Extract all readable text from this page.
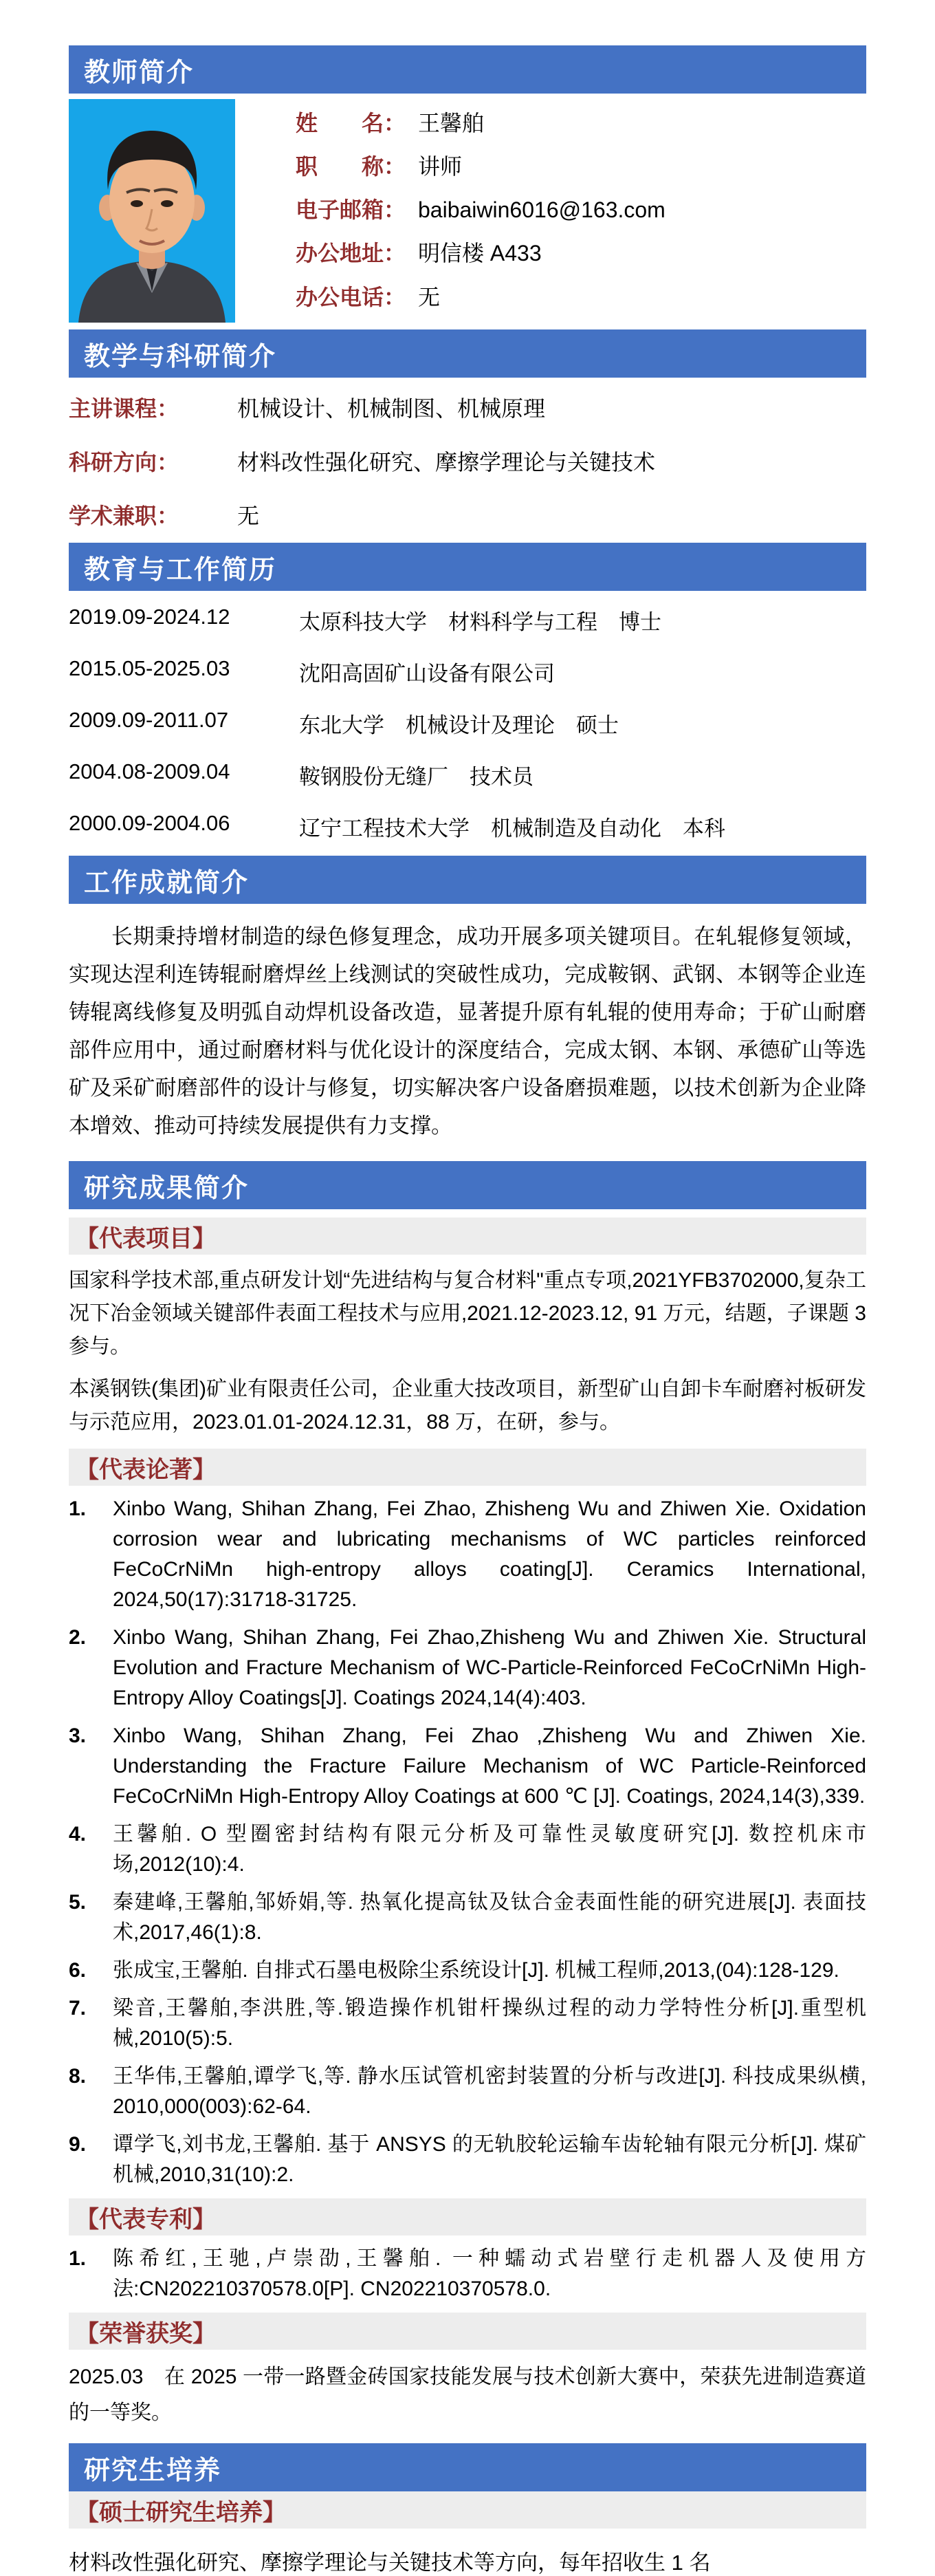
教师简介
姓　　名： 王馨舶
职　　称： 讲师
电子邮箱： baibaiwin6016@163.com
办公地址： 明信楼 A433
办公电话： 无
教学与科研简介
主讲课程：	机械设计、机械制图、机械原理
科研方向：	材料改性强化研究、摩擦学理论与关键技术
学术兼职：	无
教育与工作简历
2019.09-2024.12	太原科技大学　材料科学与工程　博士
2015.05-2025.03	沈阳高固矿山设备有限公司
2009.09-2011.07	东北大学　机械设计及理论　硕士
2004.08-2009.04	鞍钢股份无缝厂　技术员
2000.09-2004.06	辽宁工程技术大学　机械制造及自动化　本科
工作成就简介

长期秉持增材制造的绿色修复理念，成功开展多项关键项目。在轧辊修复领域，实现达涅利连铸辊耐磨焊丝上线测试的突破性成功，完成鞍钢、武钢、本钢等企业连铸辊离线修复及明弧自动焊机设备改造，显著提升原有轧辊的使用寿命；于矿山耐磨部件应用中，通过耐磨材料与优化设计的深度结合，完成太钢、本钢、承德矿山等选矿及采矿耐磨部件的设计与修复，切实解决客户设备磨损难题，以技术创新为企业降本增效、推动可持续发展提供有力支撑。

研究成果简介
【代表项目】

国家科学技术部,重点研发计划“先进结构与复合材料"重点专项,2021YFB3702000,复杂工况下冶金领域关键部件表面工程技术与应用,2021.12-2023.12, 91 万元，结题，子课题 3 参与。

本溪钢铁(集团)矿业有限责任公司，企业重大技改项目，新型矿山自卸卡车耐磨衬板研发与示范应用，2023.01.01-2024.12.31，88 万，在研，参与。

【代表论著】
1.	Xinbo Wang, Shihan Zhang, Fei Zhao, Zhisheng Wu and Zhiwen Xie. Oxidation corrosion wear and lubricating mechanisms of WC particles reinforced FeCoCrNiMn high-entropy alloys coating[J]. Ceramics International, 2024,50(17):31718-31725.
2.	Xinbo Wang, Shihan Zhang, Fei Zhao,Zhisheng Wu and Zhiwen Xie. Structural Evolution and Fracture Mechanism of WC-Particle-Reinforced FeCoCrNiMn High-Entropy Alloy Coatings[J]. Coatings 2024,14(4):403.
3.	Xinbo Wang, Shihan Zhang, Fei Zhao ,Zhisheng Wu and Zhiwen Xie. Understanding the Fracture Failure Mechanism of WC Particle-Reinforced FeCoCrNiMn High-Entropy Alloy Coatings at 600 ℃ [J]. Coatings, 2024,14(3),339.
4.	王馨舶. O 型圈密封结构有限元分析及可靠性灵敏度研究[J]. 数控机床市场,2012(10):4.
5.	秦建峰,王馨舶,邹娇娟,等. 热氧化提高钛及钛合金表面性能的研究进展[J]. 表面技术,2017,46(1):8.
6.	张成宝,王馨舶. 自排式石墨电极除尘系统设计[J]. 机械工程师,2013,(04):128-129.
7.	梁音,王馨舶,李洪胜,等.锻造操作机钳杆操纵过程的动力学特性分析[J].重型机械,2010(5):5.
8.	王华伟,王馨舶,谭学飞,等. 静水压试管机密封装置的分析与改进[J]. 科技成果纵横, 2010,000(003):62-64.
9.	谭学飞,刘书龙,王馨舶. 基于 ANSYS 的无轨胶轮运输车齿轮轴有限元分析[J]. 煤矿机械,2010,31(10):2.
【代表专利】
1.	陈希红,王驰,卢崇劭,王馨舶. 一种蠕动式岩壁行走机器人及使用方法:CN202210370578.0[P]. CN202210370578.0.
【荣誉获奖】

2025.03　在 2025 一带一路暨金砖国家技能发展与技术创新大赛中，荣获先进制造赛道的一等奖。

研究生培养
【硕士研究生培养】
材料改性强化研究、摩擦学理论与关键技术等方向，每年招收生 1 名
